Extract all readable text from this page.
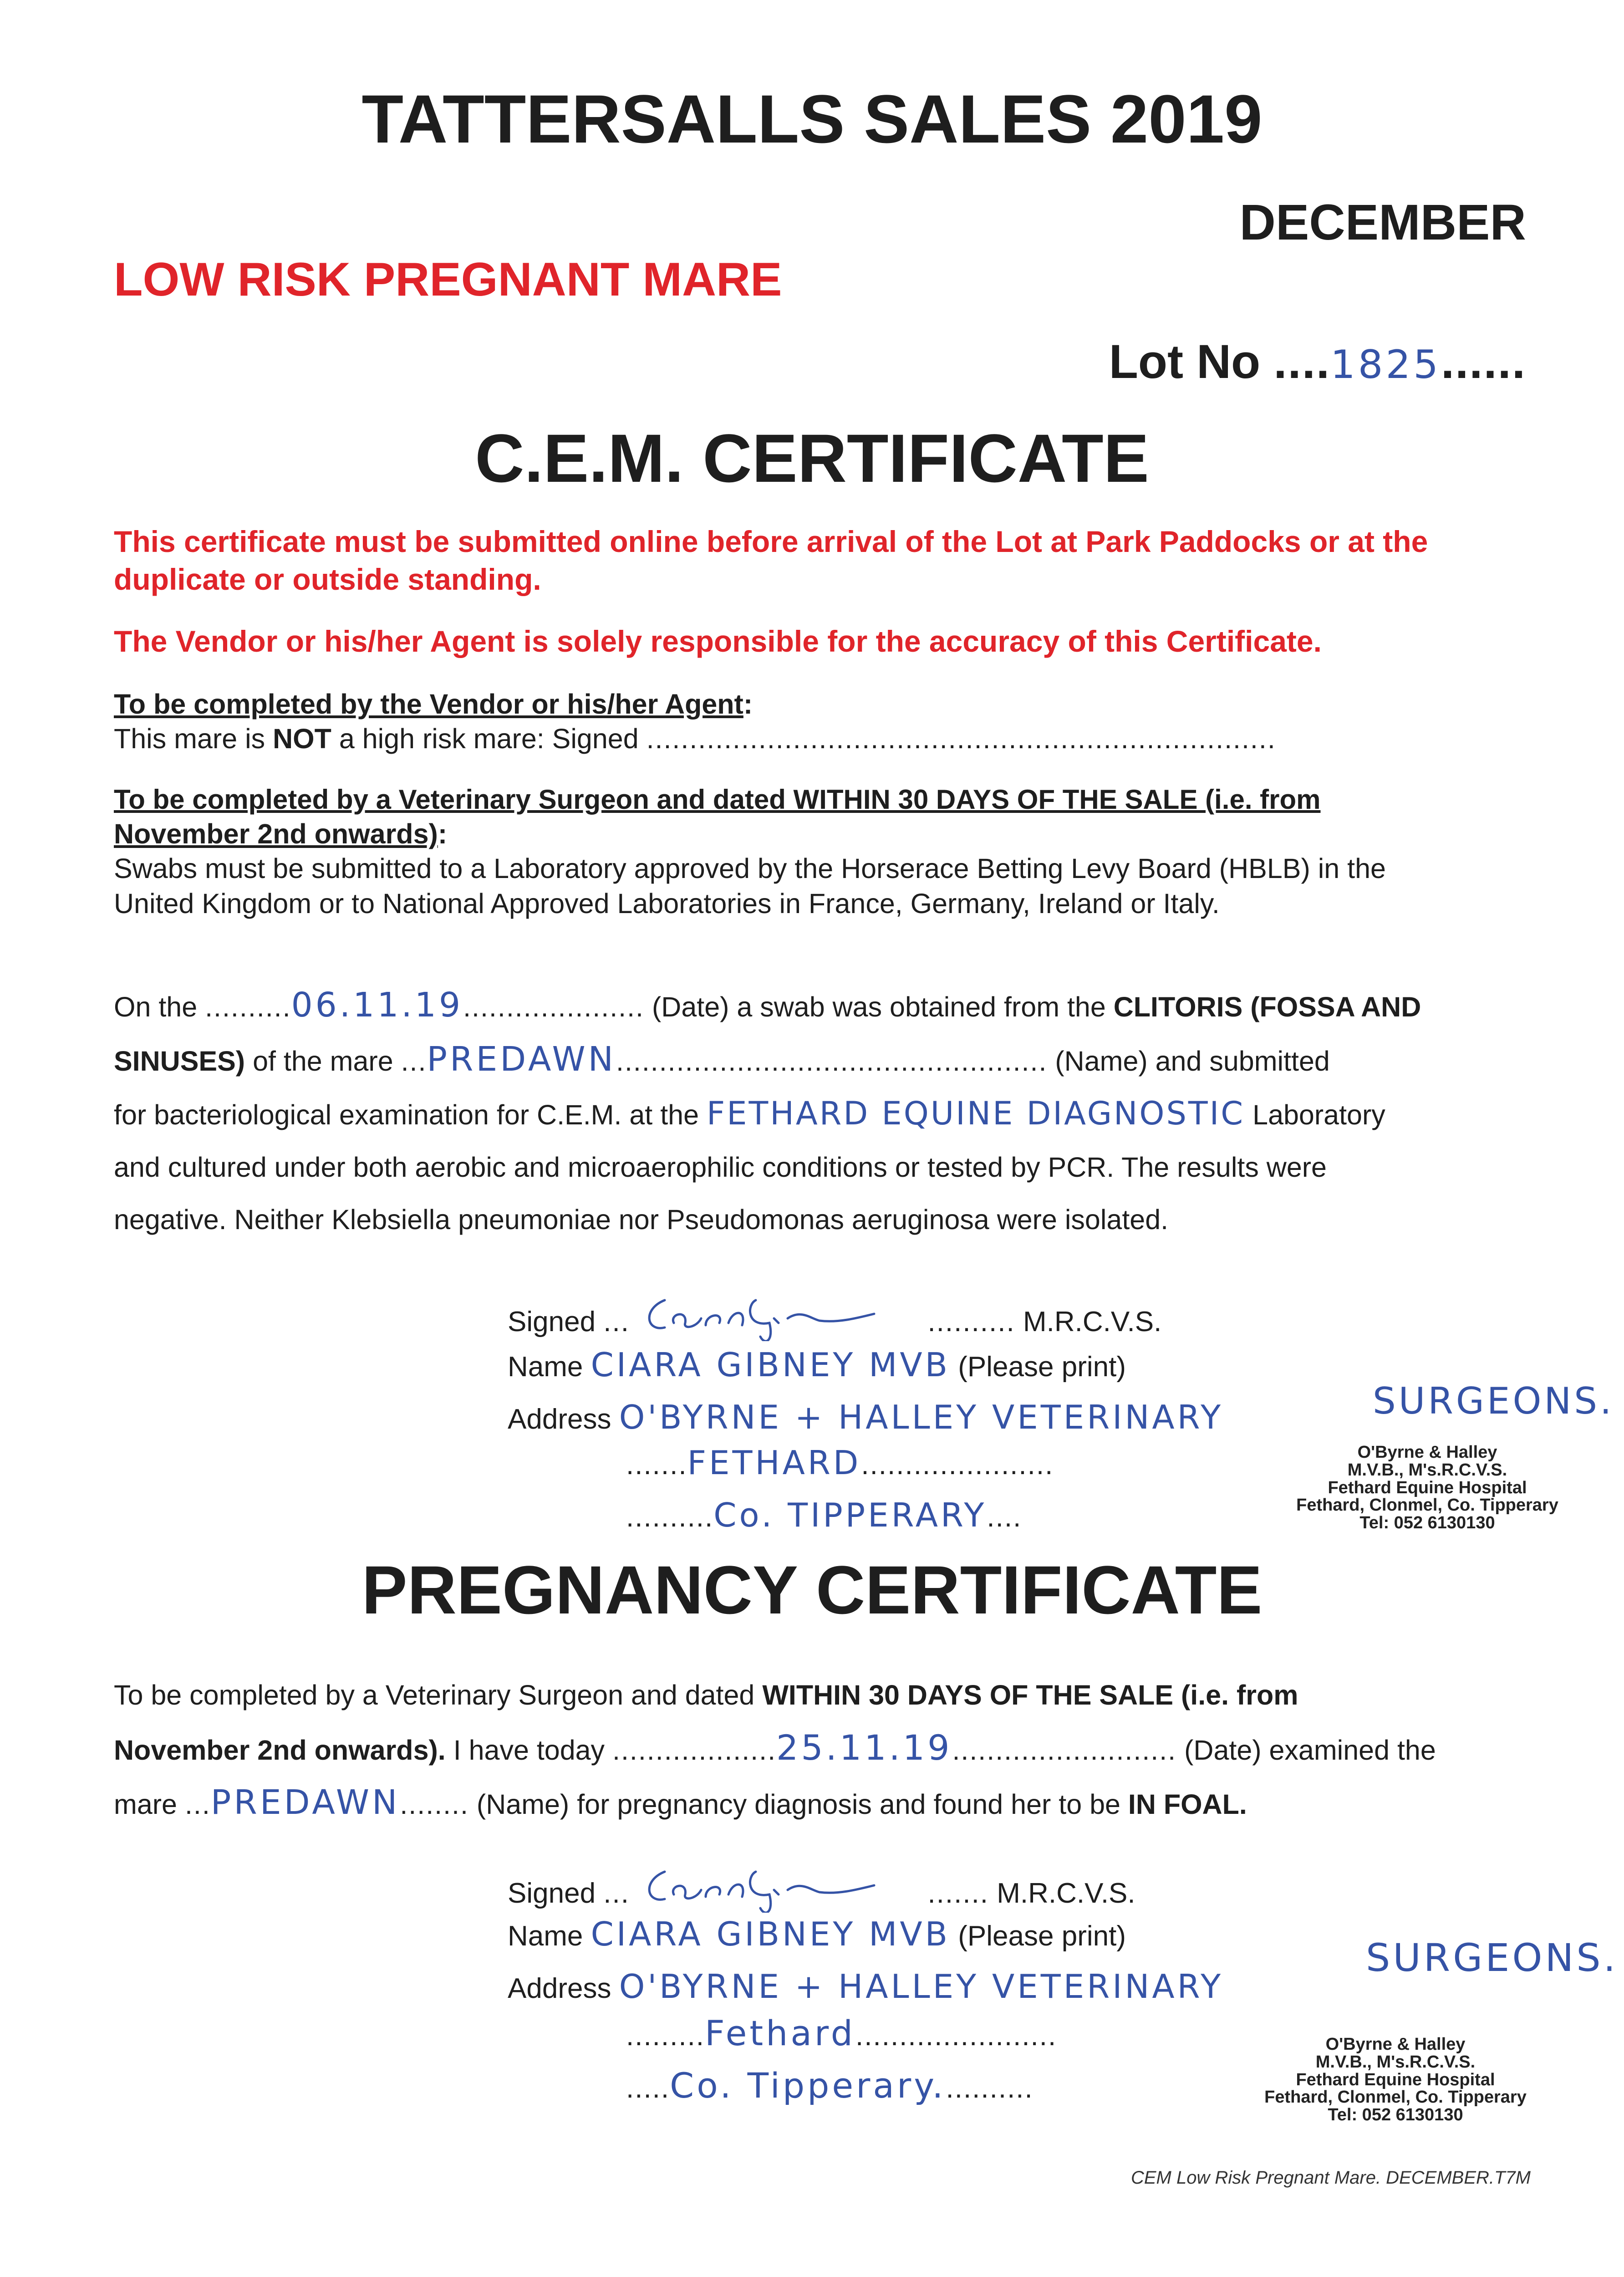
TATTERSALLS SALES 2019
DECEMBER
LOW RISK PREGNANT MARE
Lot No ....1825......
C.E.M. CERTIFICATE
This certificate must be submitted online before arrival of the Lot at Park Paddocks or at the duplicate or outside standing.
The Vendor or his/her Agent is solely responsible for the accuracy of this Certificate.
To be completed by the Vendor or his/her Agent:
This mare is NOT a high risk mare: Signed .........................................................................
To be completed by a Veterinary Surgeon and dated WITHIN 30 DAYS OF THE SALE (i.e. from
November 2nd onwards):
Swabs must be submitted to a Laboratory approved by the Horserace Betting Levy Board (HBLB) in the
United Kingdom or to National Approved Laboratories in France, Germany, Ireland or Italy.
On the ..........06.11.19..................... (Date) a swab was obtained from the CLITORIS (FOSSA AND
SINUSES) of the mare ...PREDAWN.................................................. (Name) and submitted
for bacteriological examination for C.E.M. at the FETHARD EQUINE DIAGNOSTIC Laboratory
and cultured under both aerobic and microaerophilic conditions or tested by PCR. The results were
negative. Neither Klebsiella pneumoniae nor Pseudomonas aeruginosa were isolated.
Signed ...	.......... M.R.C.V.S.
Name CIARA GIBNEY MVB (Please print)
Address O'BYRNE + HALLEY VETERINARY	SURGEONS.
.......FETHARD......................
..........Co. TIPPERARY....
O'Byrne & Halley
M.V.B., M's.R.C.V.S.
Fethard Equine Hospital
Fethard, Clonmel, Co. Tipperary
Tel: 052 6130130
PREGNANCY CERTIFICATE
To be completed by a Veterinary Surgeon and dated WITHIN 30 DAYS OF THE SALE (i.e. from
November 2nd onwards). I have today ...................25.11.19.......................... (Date) examined the
mare ...PREDAWN........ (Name) for pregnancy diagnosis and found her to be IN FOAL.
Signed ...	....... M.R.C.V.S.
Name CIARA GIBNEY MVB (Please print)
Address O'BYRNE + HALLEY VETERINARY
SURGEONS.
.........Fethard.......................
.....Co. Tipperary...........
O'Byrne & Halley
M.V.B., M's.R.C.V.S.
Fethard Equine Hospital
Fethard, Clonmel, Co. Tipperary
Tel: 052 6130130
CEM Low Risk Pregnant Mare. DECEMBER.T7M
